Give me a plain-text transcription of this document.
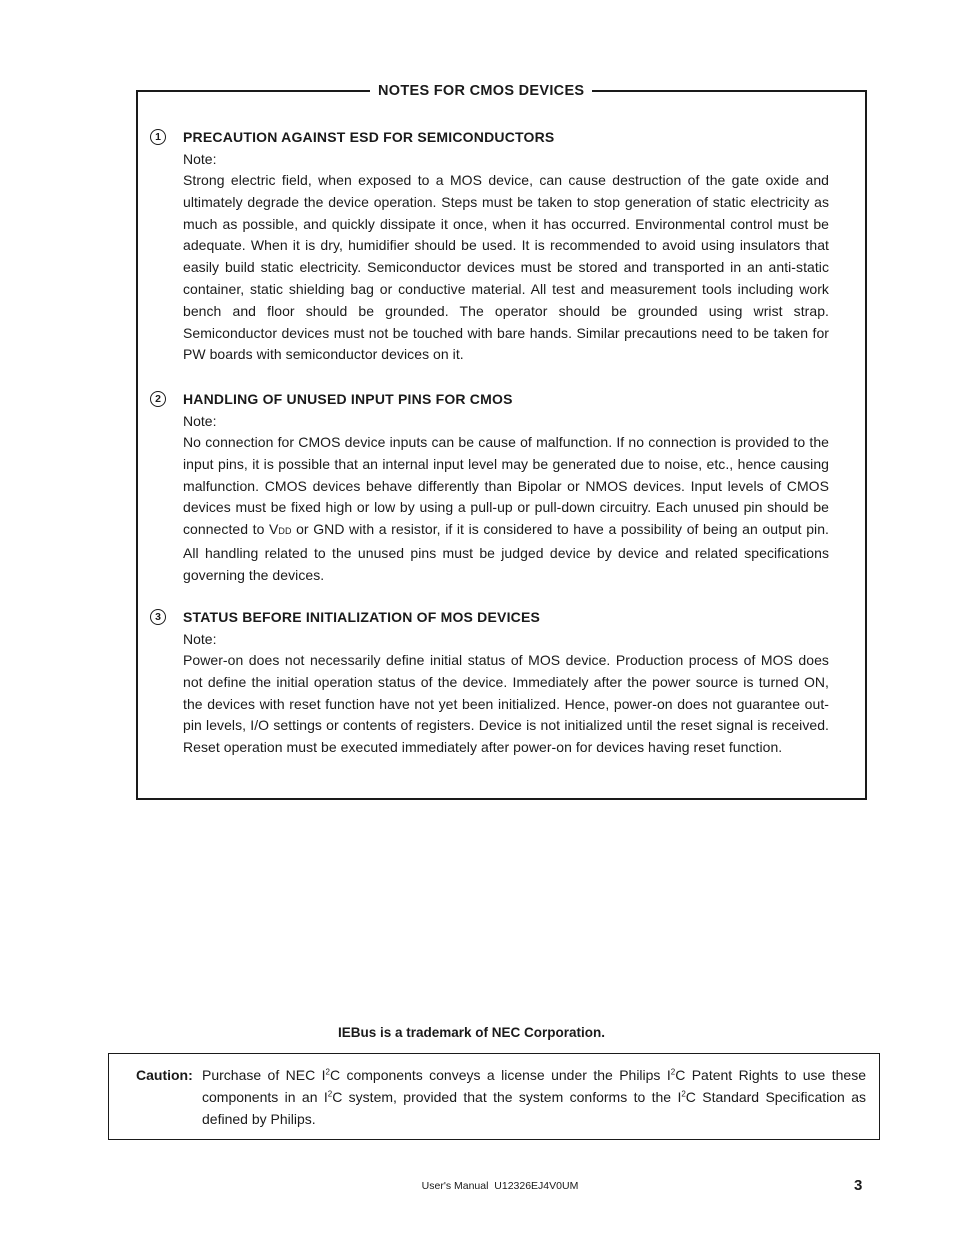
NOTES FOR CMOS DEVICES
1	PRECAUTION AGAINST ESD FOR SEMICONDUCTORS
Note:
Strong electric field, when exposed to a MOS device, can cause destruction of the gate oxide and ultimately degrade the device operation. Steps must be taken to stop generation of static electricity as much as possible, and quickly dissipate it once, when it has occurred. Environmental control must be adequate. When it is dry, humidifier should be used. It is recommended to avoid using insulators that easily build static electricity. Semiconductor devices must be stored and transported in an anti-static container, static shielding bag or conductive material. All test and measurement tools including work bench and floor should be grounded. The operator should be grounded using wrist strap. Semiconductor devices must not be touched with bare hands. Similar precautions need to be taken for PW boards with semiconductor devices on it.
2	HANDLING OF UNUSED INPUT PINS FOR CMOS
Note:
No connection for CMOS device inputs can be cause of malfunction. If no connection is provided to the input pins, it is possible that an internal input level may be generated due to noise, etc., hence causing malfunction. CMOS devices behave differently than Bipolar or NMOS devices. Input levels of CMOS devices must be fixed high or low by using a pull-up or pull-down circuitry. Each unused pin should be connected to VDD or GND with a resistor, if it is considered to have a possibility of being an output pin. All handling related to the unused pins must be judged device by device and related specifications governing the devices.
3	STATUS BEFORE INITIALIZATION OF MOS DEVICES
Note:
Power-on does not necessarily define initial status of MOS device. Production process of MOS does not define the initial operation status of the device. Immediately after the power source is turned ON, the devices with reset function have not yet been initialized. Hence, power-on does not guarantee out-pin levels, I/O settings or contents of registers. Device is not initialized until the reset signal is received. Reset operation must be executed immediately after power-on for devices having reset function.
IEBus is a trademark of NEC Corporation.
Caution: Purchase of NEC $I^2C$ components conveys a license under the Philips $I^2C$ Patent Rights to use these components in an $I^2C$ system, provided that the system conforms to the $I^2C$ Standard Specification as defined by Philips.
User's Manual  U12326EJ4V0UM	3
